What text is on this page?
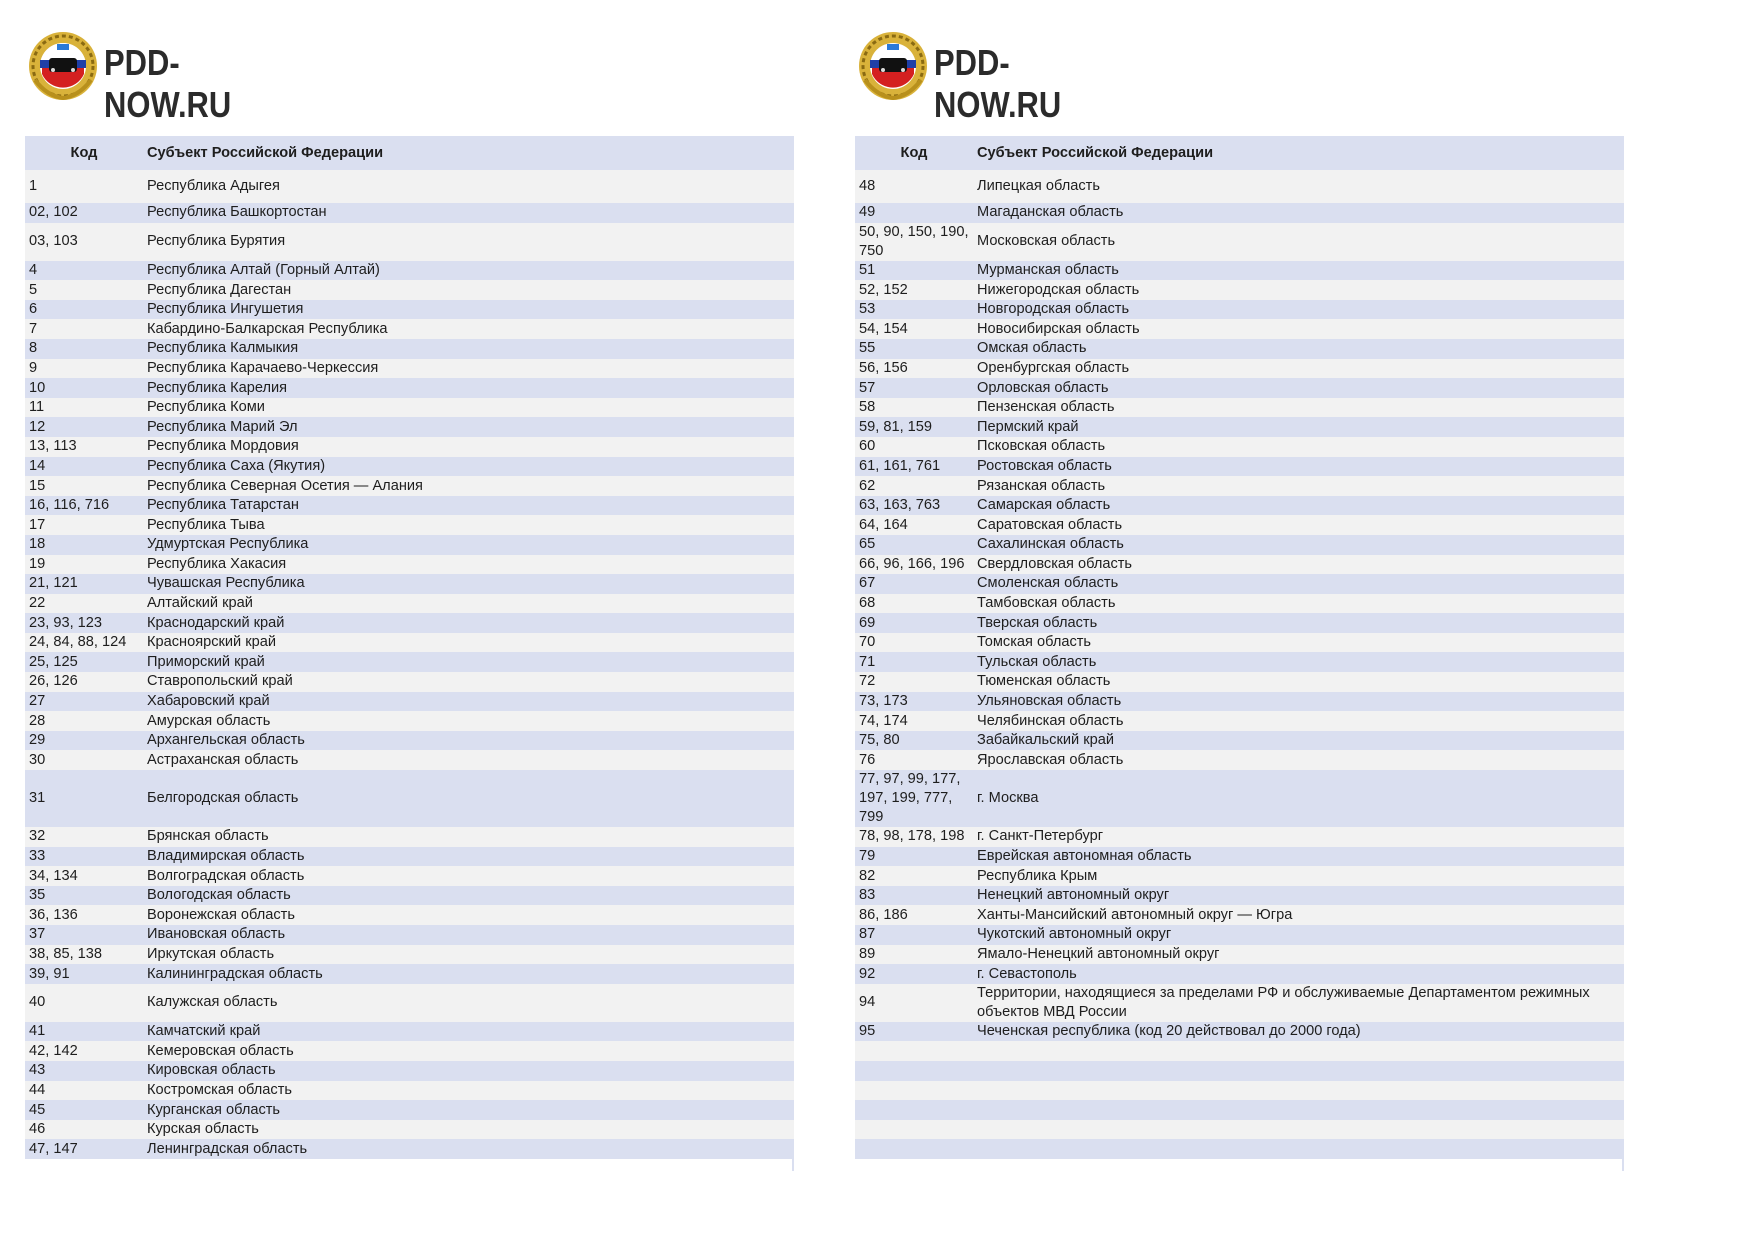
PDD-NOW.RU
Код	Субъект Российской Федерации
1	Республика Адыгея
02, 102	Республика Башкортостан
03, 103	Республика Бурятия
4	Республика Алтай (Горный Алтай)
5	Республика Дагестан
6	Республика Ингушетия
7	Кабардино-Балкарская Республика
8	Республика Калмыкия
9	Республика Карачаево-Черкессия
10	Республика Карелия
11	Республика Коми
12	Республика Марий Эл
13, 113	Республика Мордовия
14	Республика Саха (Якутия)
15	Республика Северная Осетия — Алания
16, 116, 716	Республика Татарстан
17	Республика Тыва
18	Удмуртская Республика
19	Республика Хакасия
21, 121	Чувашская Республика
22	Алтайский край
23, 93, 123	Краснодарский край
24, 84, 88, 124	Красноярский край
25, 125	Приморский край
26, 126	Ставропольский край
27	Хабаровский край
28	Амурская область
29	Архангельская область
30	Астраханская область
31	Белгородская область
32	Брянская область
33	Владимирская область
34, 134	Волгоградская область
35	Вологодская область
36, 136	Воронежская область
37	Ивановская область
38, 85, 138	Иркутская область
39, 91	Калининградская область
40	Калужская область
41	Камчатский край
42, 142	Кемеровская область
43	Кировская область
44	Костромская область
45	Курганская область
46	Курская область
47, 147	Ленинградская область
PDD-NOW.RU
Код	Субъект Российской Федерации
48	Липецкая область
49	Магаданская область
50, 90, 150, 190, 750	Московская область
51	Мурманская область
52, 152	Нижегородская область
53	Новгородская область
54, 154	Новосибирская область
55	Омская область
56, 156	Оренбургская область
57	Орловская область
58	Пензенская область
59, 81, 159	Пермский край
60	Псковская область
61, 161, 761	Ростовская область
62	Рязанская область
63, 163, 763	Самарская область
64, 164	Саратовская область
65	Сахалинская область
66, 96, 166, 196	Свердловская область
67	Смоленская область
68	Тамбовская область
69	Тверская область
70	Томская область
71	Тульская область
72	Тюменская область
73, 173	Ульяновская область
74, 174	Челябинская область
75, 80	Забайкальский край
76	Ярославская область
77, 97, 99, 177, 197, 199, 777, 799	г. Москва
78, 98, 178, 198	г. Санкт-Петербург
79	Еврейская автономная область
82	Республика Крым
83	Ненецкий автономный округ
86, 186	Ханты-Мансийский автономный округ — Югра
87	Чукотский автономный округ
89	Ямало-Ненецкий автономный округ
92	г. Севастополь
94	Территории, находящиеся за пределами РФ и обслуживаемые Департаментом режимных объектов МВД России
95	Чеченская республика (код 20 действовал до 2000 года)
